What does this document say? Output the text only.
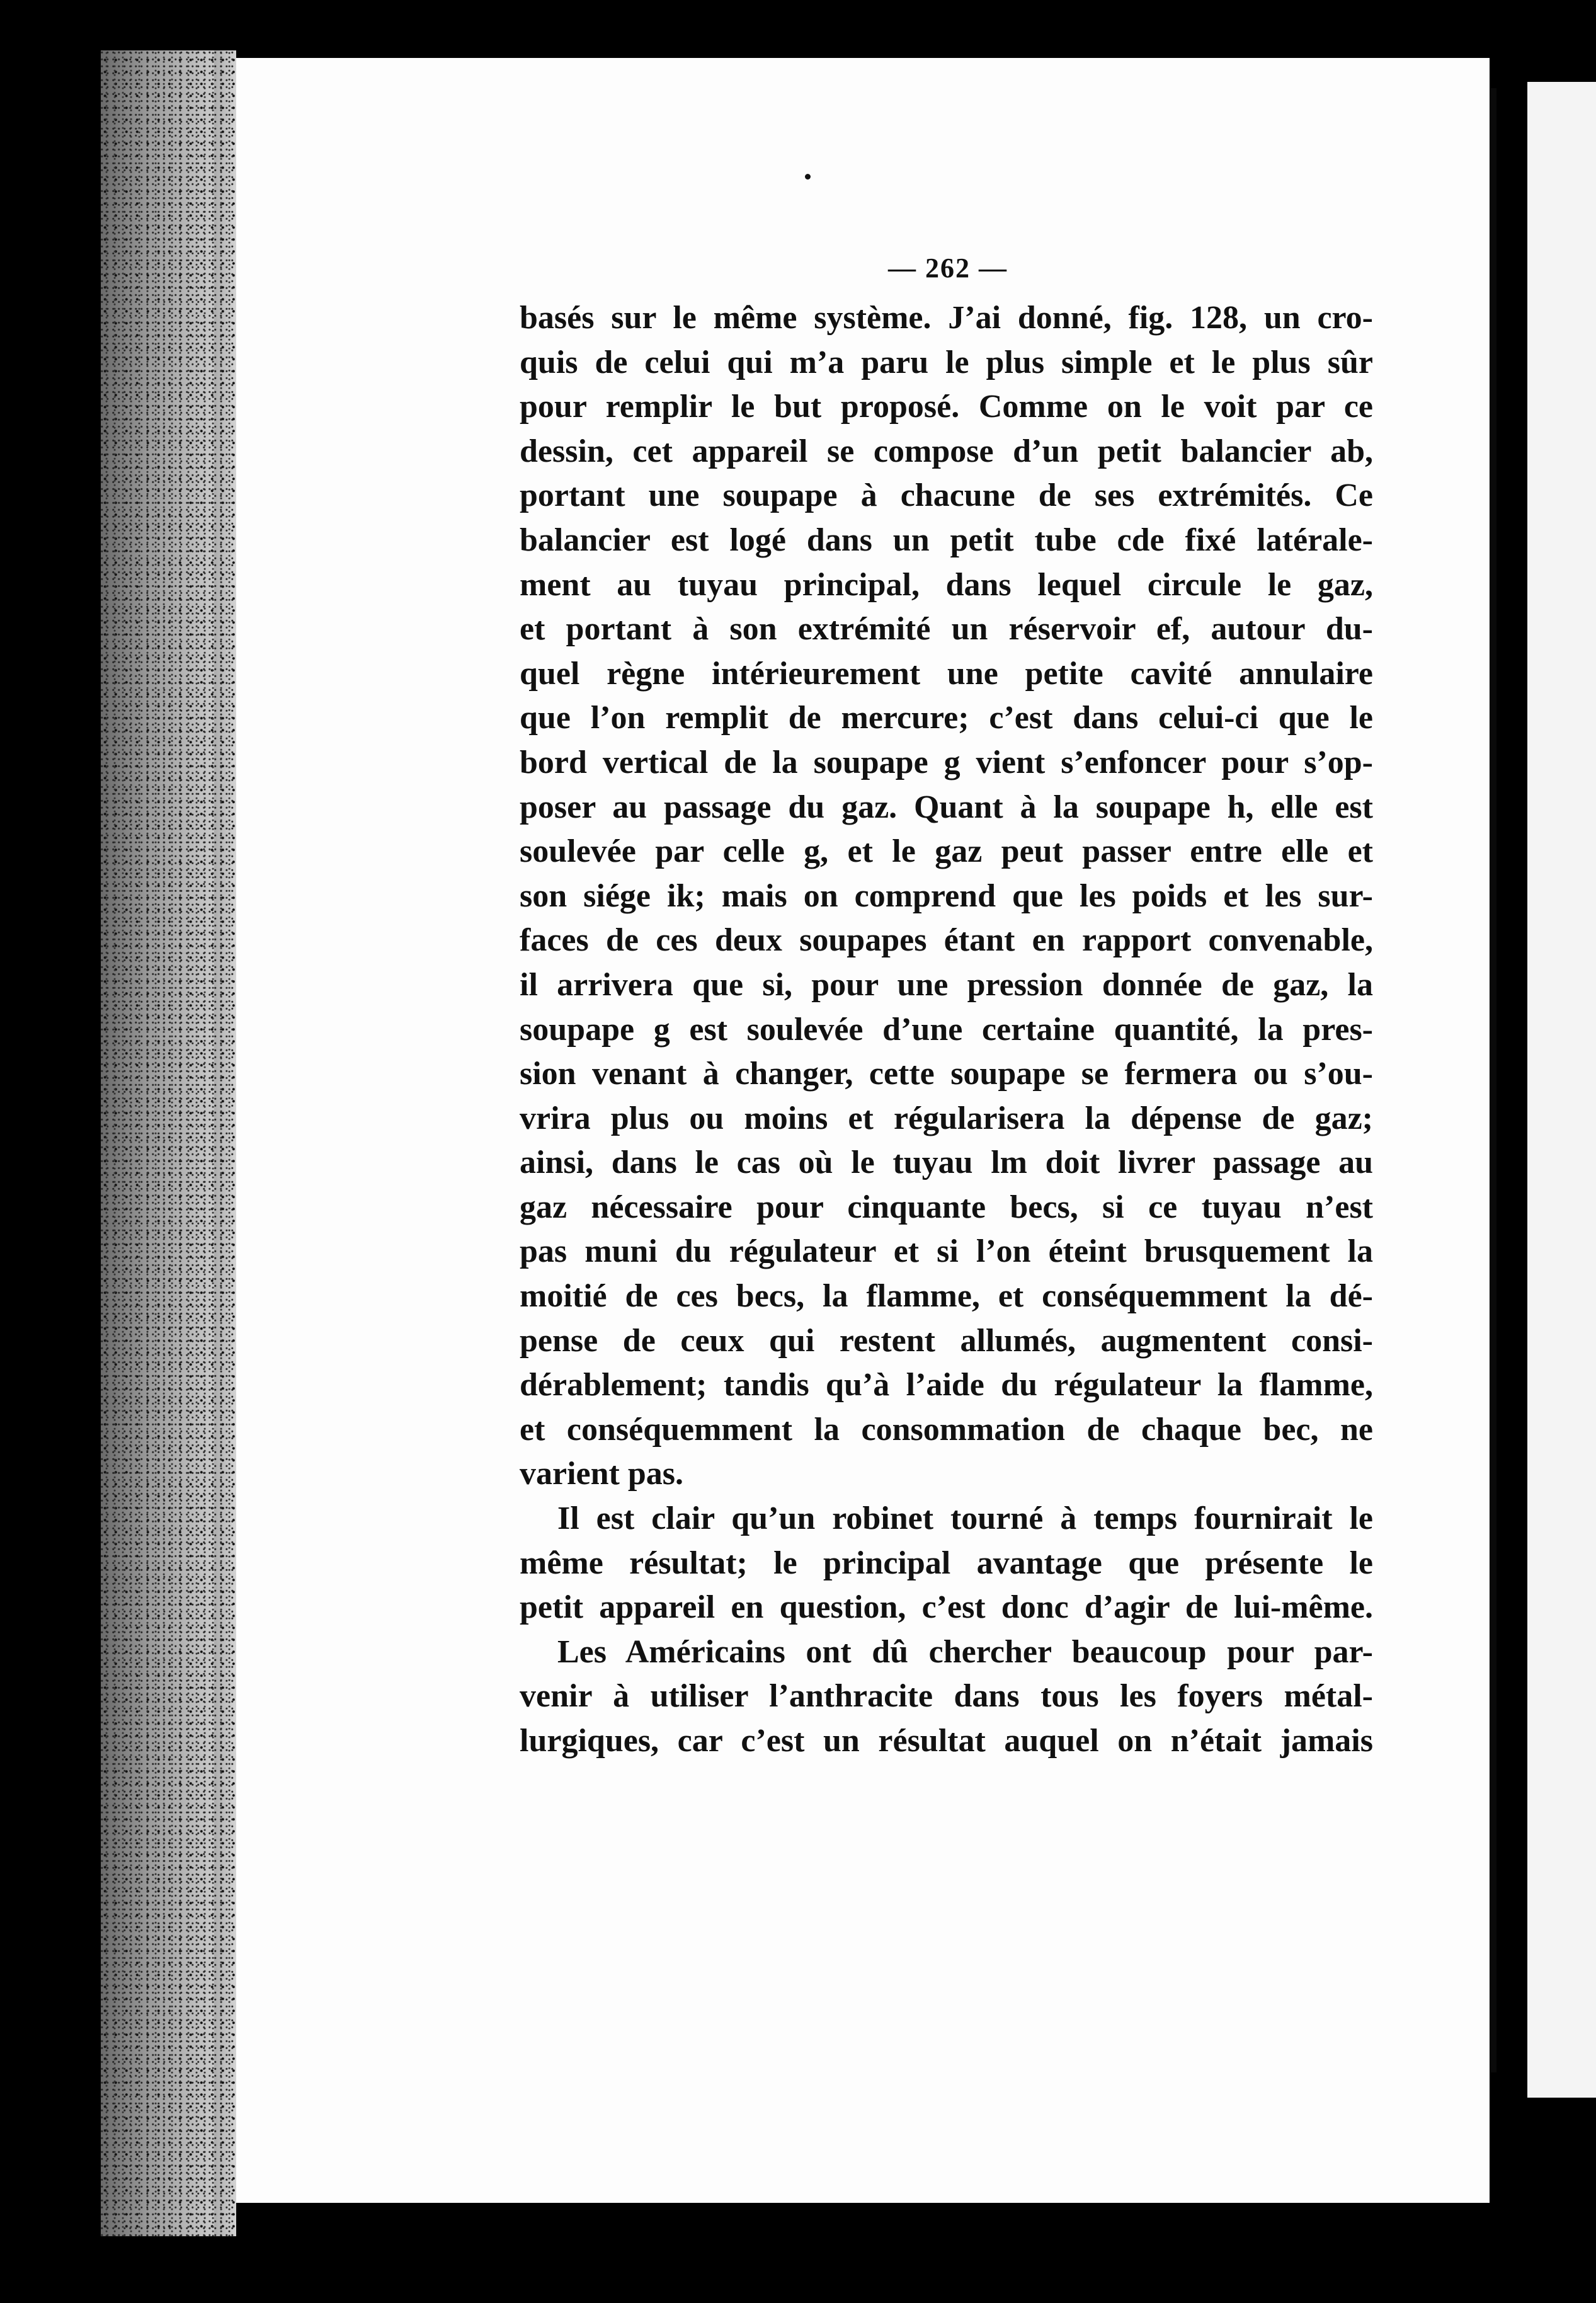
— 262 —
basés sur le même système. J’ai donné, fig. 128, un cro-
quis de celui qui m’a paru le plus simple et le plus sûr
pour remplir le but proposé. Comme on le voit par ce
dessin, cet appareil se compose d’un petit balancier ab,
portant une soupape à chacune de ses extrémités. Ce
balancier est logé dans un petit tube cde fixé latérale-
ment au tuyau principal, dans lequel circule le gaz,
et portant à son extrémité un réservoir ef, autour du-
quel règne intérieurement une petite cavité annulaire
que l’on remplit de mercure; c’est dans celui-ci que le
bord vertical de la soupape g vient s’enfoncer pour s’op-
poser au passage du gaz. Quant à la soupape h, elle est
soulevée par celle g, et le gaz peut passer entre elle et
son siége ik; mais on comprend que les poids et les sur-
faces de ces deux soupapes étant en rapport convenable,
il arrivera que si, pour une pression donnée de gaz, la
soupape g est soulevée d’une certaine quantité, la pres-
sion venant à changer, cette soupape se fermera ou s’ou-
vrira plus ou moins et régularisera la dépense de gaz;
ainsi, dans le cas où le tuyau lm doit livrer passage au
gaz nécessaire pour cinquante becs, si ce tuyau n’est
pas muni du régulateur et si l’on éteint brusquement la
moitié de ces becs, la flamme, et conséquemment la dé-
pense de ceux qui restent allumés, augmentent consi-
dérablement; tandis qu’à l’aide du régulateur la flamme,
et conséquemment la consommation de chaque bec, ne
varient pas.
Il est clair qu’un robinet tourné à temps fournirait le
même résultat; le principal avantage que présente le
petit appareil en question, c’est donc d’agir de lui-même.
Les Américains ont dû chercher beaucoup pour par-
venir à utiliser l’anthracite dans tous les foyers métal-
lurgiques, car c’est un résultat auquel on n’était jamais
